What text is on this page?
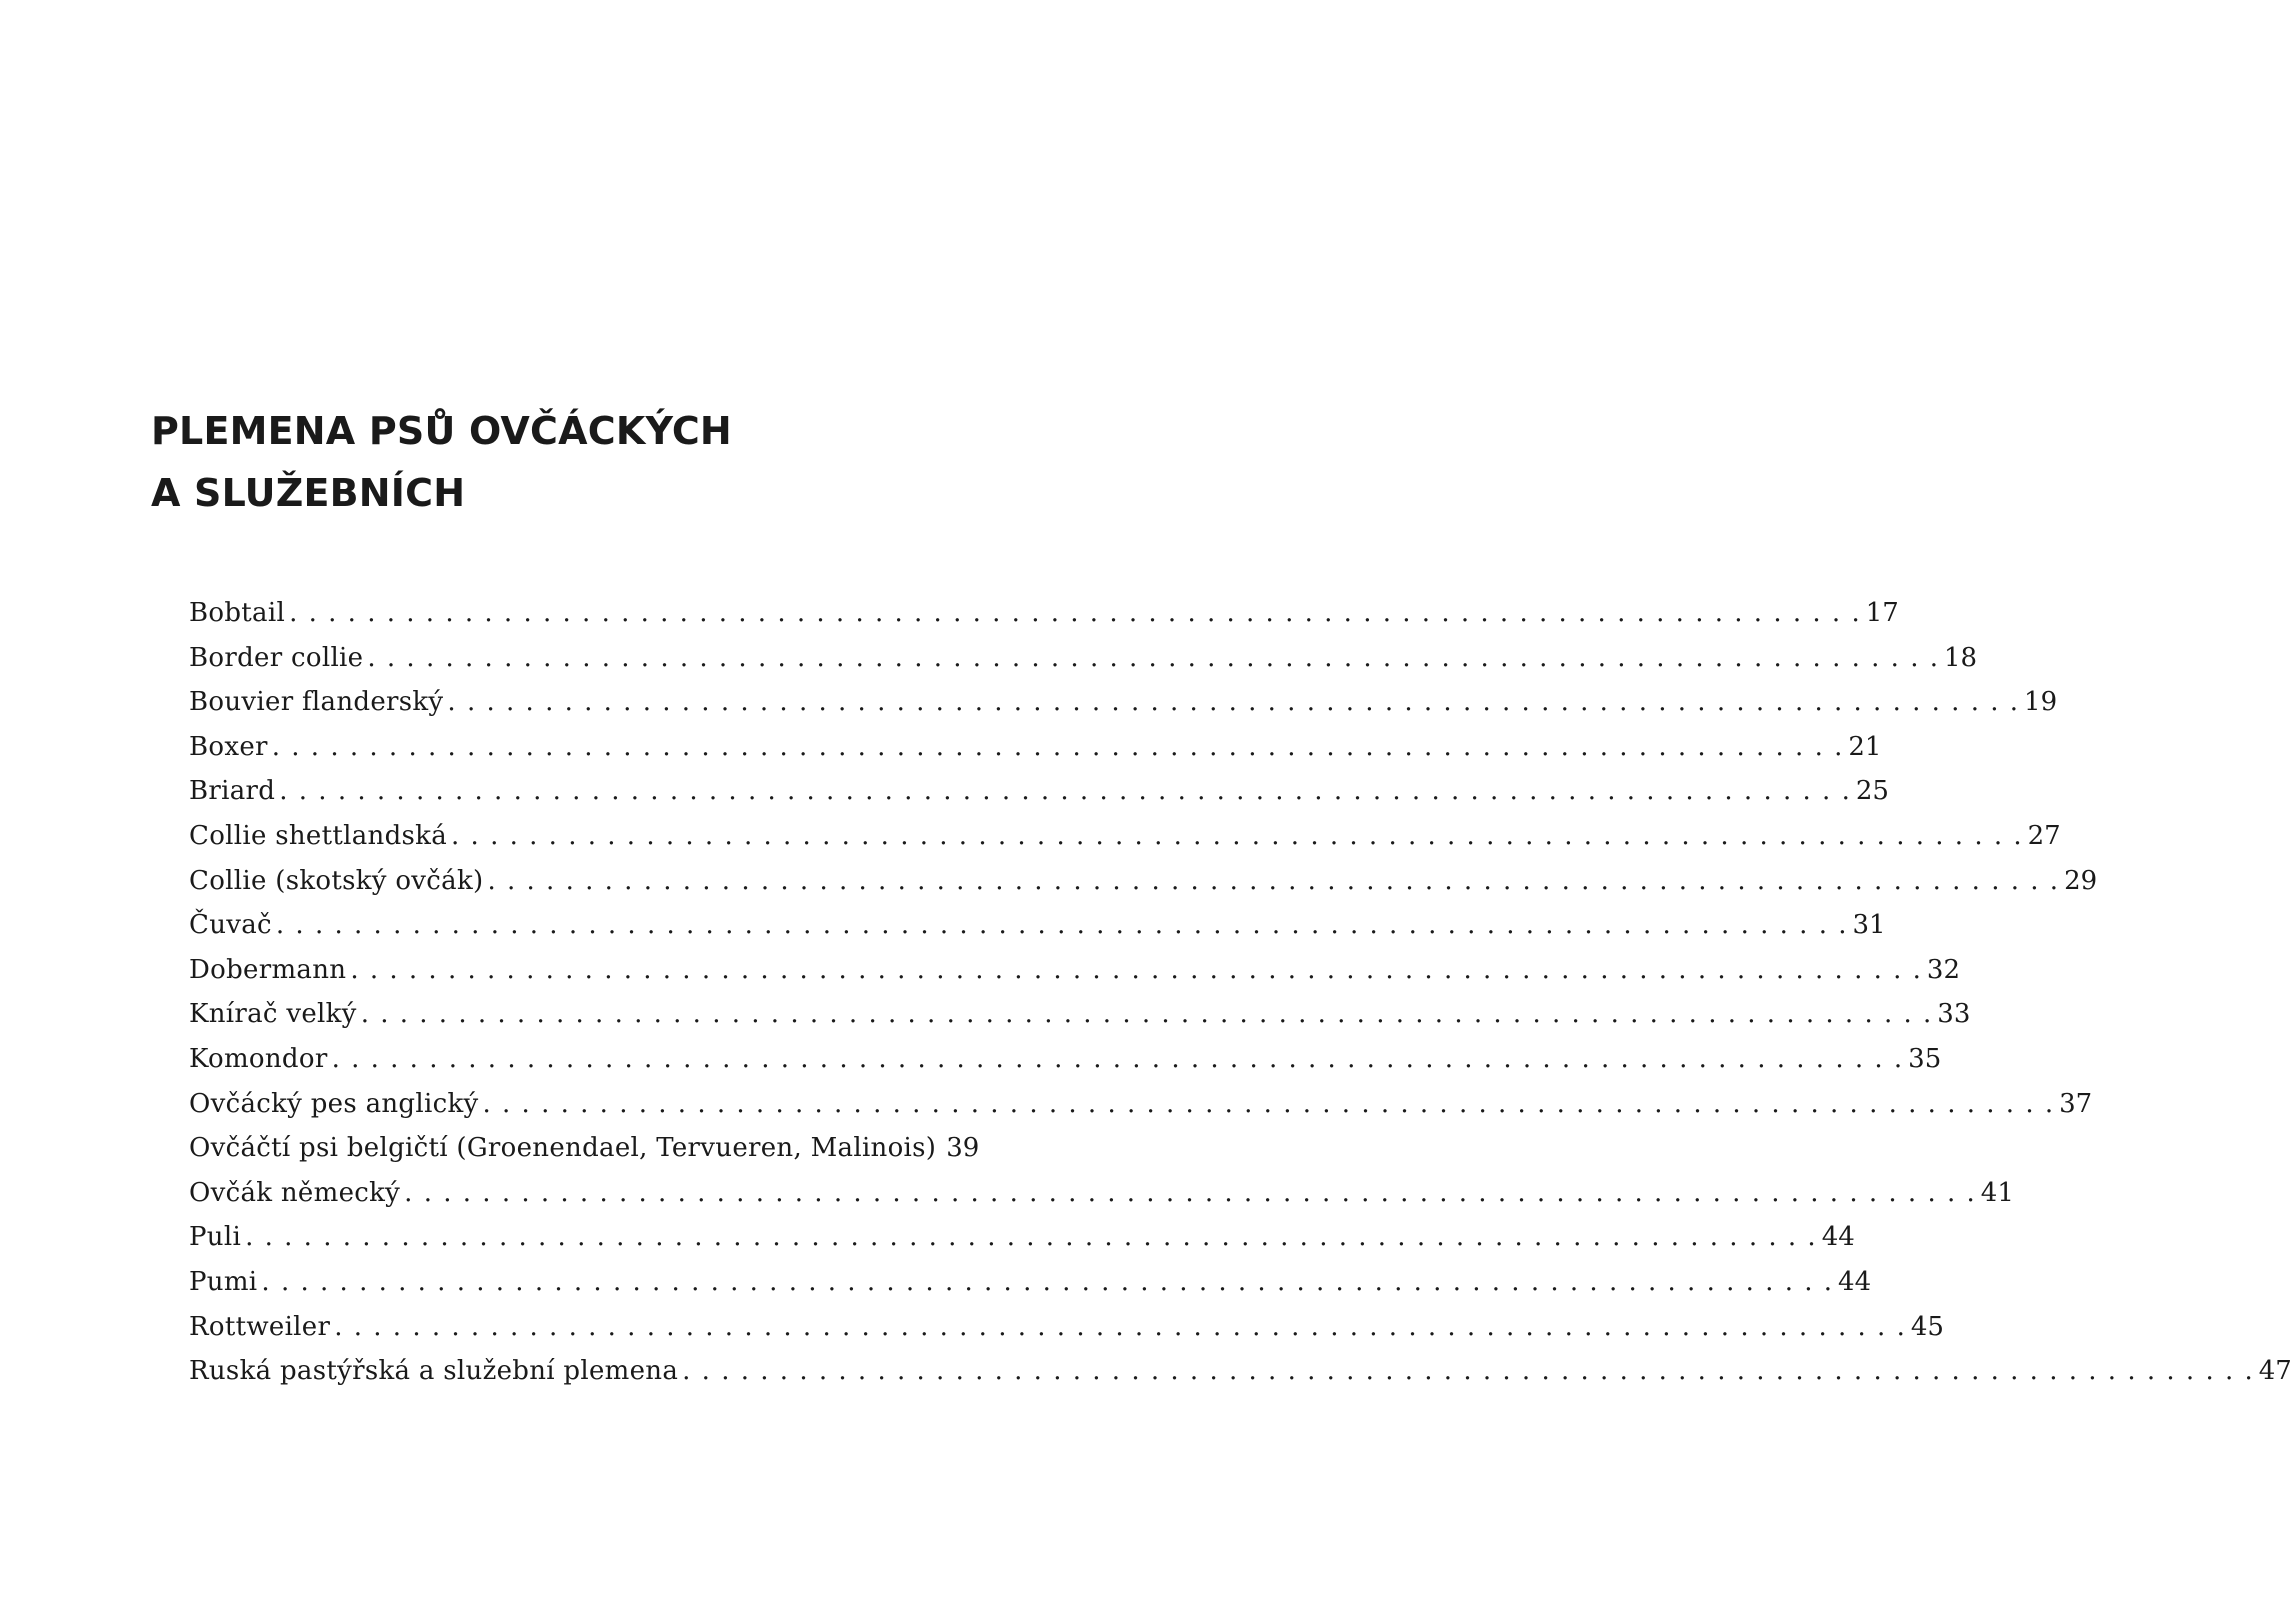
PLEMENA PSŮ OVČÁCKÝCH
A SLUŽEBNÍCH
Bobtail . . .	17
Border collie . . .	18
Bouvier flanderský . . .	19
Boxer . . .	21
Briard . . .	25
Collie shettlandská . . .	27
Collie (skotský ovčák) . . .	29
Čuvač . . .	31
Dobermann . . .	32
Knírač velký . . .	33
Komondor . . .	35
Ovčácký pes anglický . . .	37
Ovčáčtí psi belgičtí (Groenendael, Tervueren, Malinois) 39
Ovčák německý . . .	41
Puli . . .	44
Pumi . . .	44
Rottweiler . . .	45
Ruská pastýřská a služební plemena . . .	47
